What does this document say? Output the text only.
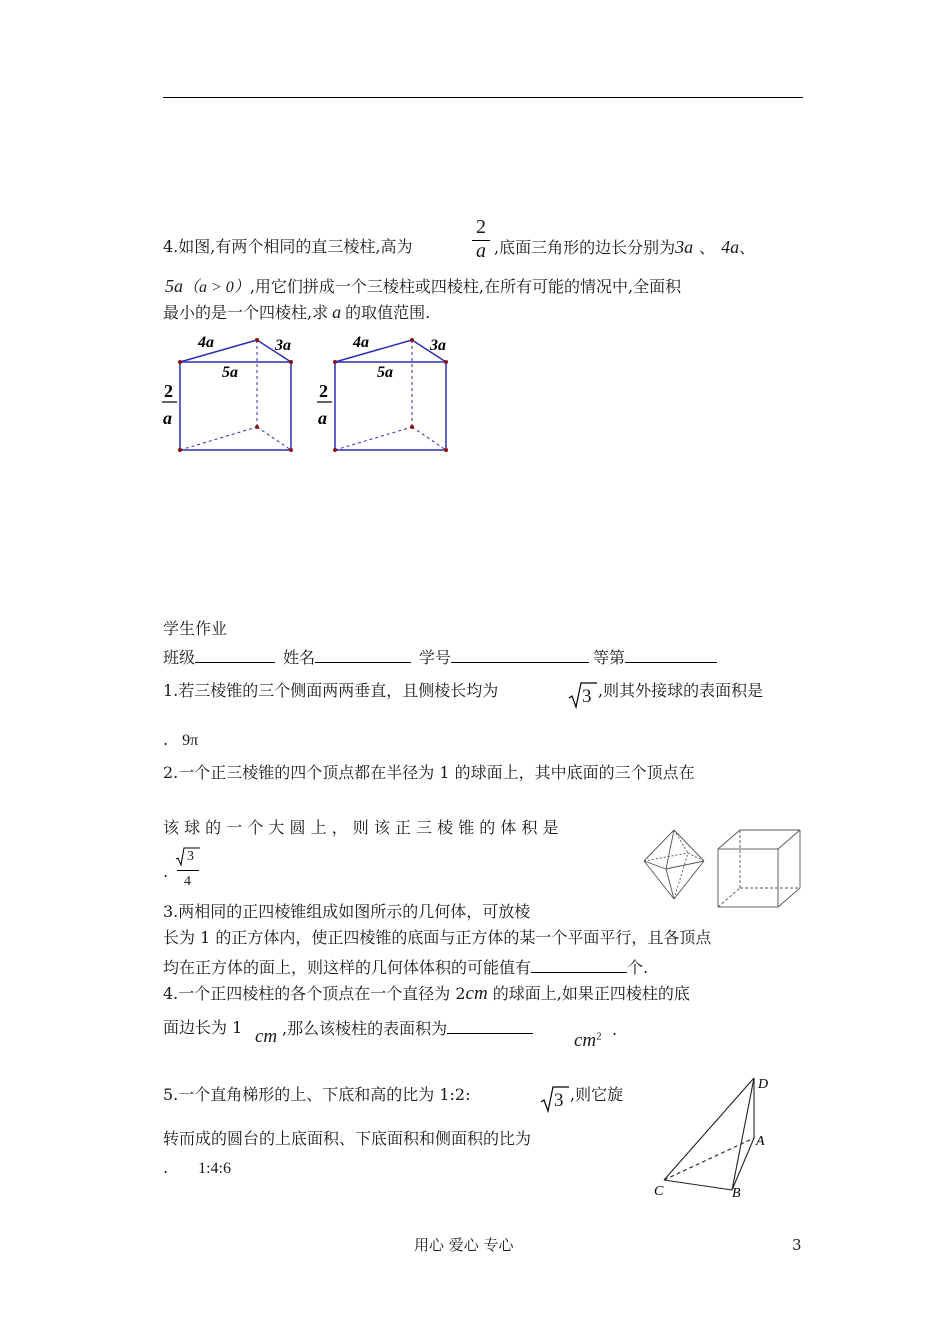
4.如图,有两个相同的直三棱柱,高为
2
a ,底面三角形的边长分别为3a 、 4a、
5a（a > 0）,用它们拼成一个三棱柱或四棱柱,在所有可能的情况中,全面积
最小的是一个四棱柱,求 a 的取值范围.
4a	3a
5a
2
a
4a	3a
5a
2
a
学生作业
班级	姓名	学号	等第
1.若三棱锥的三个侧面两两垂直，且侧棱长均为	3 ,则其外接球的表面积是
. 9π
2.一个正三棱锥的四个顶点都在半径为 1 的球面上，其中底面的三个顶点在
该 球 的 一 个 大 圆 上 ， 则 该 正 三 棱 锥 的 体 积 是
.
3
4
3.两相同的正四棱锥组成如图所示的几何体，可放棱
长为 1 的正方体内，使正四棱锥的底面与正方体的某一个平面平行，且各顶点
均在正方体的面上，则这样的几何体体积的可能值有	个.
4.一个正四棱柱的各个顶点在一个直径为 2cm 的球面上,如果正四棱柱的底
面边长为 1 cm ,那么该棱柱的表面积为
$cm^2$ .
5.一个直角梯形的上、下底和高的比为 1:2:	3 ,则它旋
转而成的圆台的上底面积、下底面积和侧面积的比为
. 1:4:6
D
A
B
C
用心 爱心 专心	3
